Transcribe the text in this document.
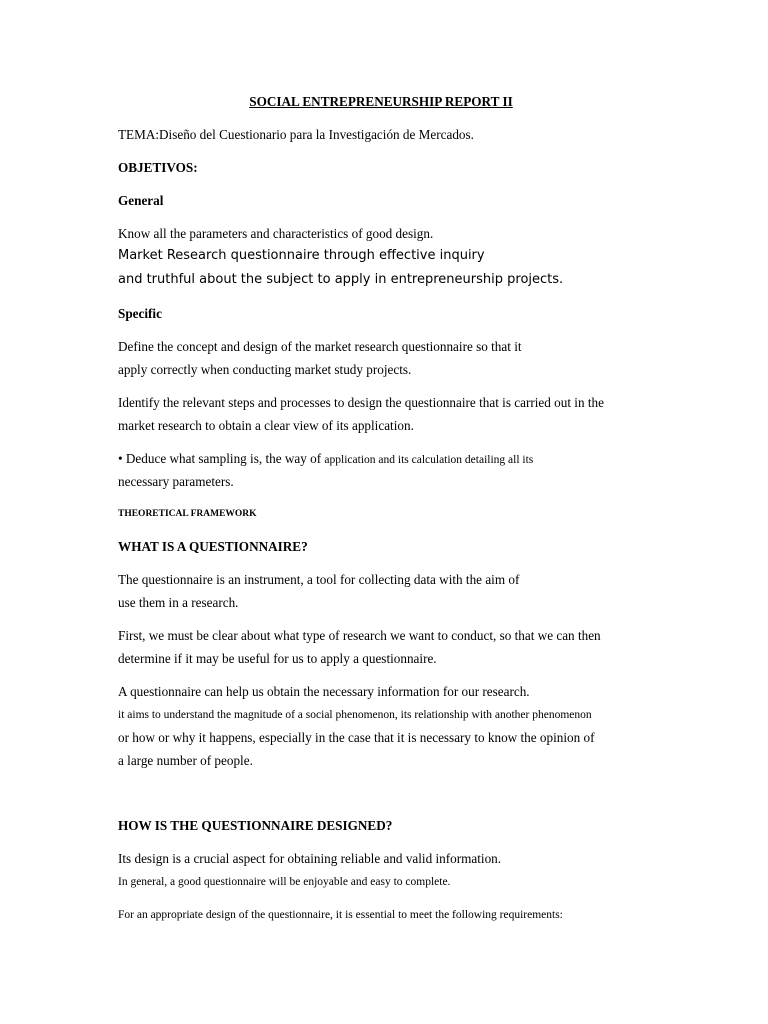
SOCIAL ENTREPRENEURSHIP REPORT II
TEMA:Diseño del Cuestionario para la Investigación de Mercados.
OBJETIVOS:
General
Know all the parameters and characteristics of good design.
Market Research questionnaire through effective inquiry
and truthful about the subject to apply in entrepreneurship projects.
Specific
Define the concept and design of the market research questionnaire so that it
apply correctly when conducting market study projects.
Identify the relevant steps and processes to design the questionnaire that is carried out in the
market research to obtain a clear view of its application.
• Deduce what sampling is, the way of application and its calculation detailing all its
necessary parameters.
THEORETICAL FRAMEWORK
WHAT IS A QUESTIONNAIRE?
The questionnaire is an instrument, a tool for collecting data with the aim of
use them in a research.
First, we must be clear about what type of research we want to conduct, so that we can then
determine if it may be useful for us to apply a questionnaire.
A questionnaire can help us obtain the necessary information for our research.
it aims to understand the magnitude of a social phenomenon, its relationship with another phenomenon
or how or why it happens, especially in the case that it is necessary to know the opinion of
a large number of people.
HOW IS THE QUESTIONNAIRE DESIGNED?
Its design is a crucial aspect for obtaining reliable and valid information.
In general, a good questionnaire will be enjoyable and easy to complete.
For an appropriate design of the questionnaire, it is essential to meet the following requirements:
